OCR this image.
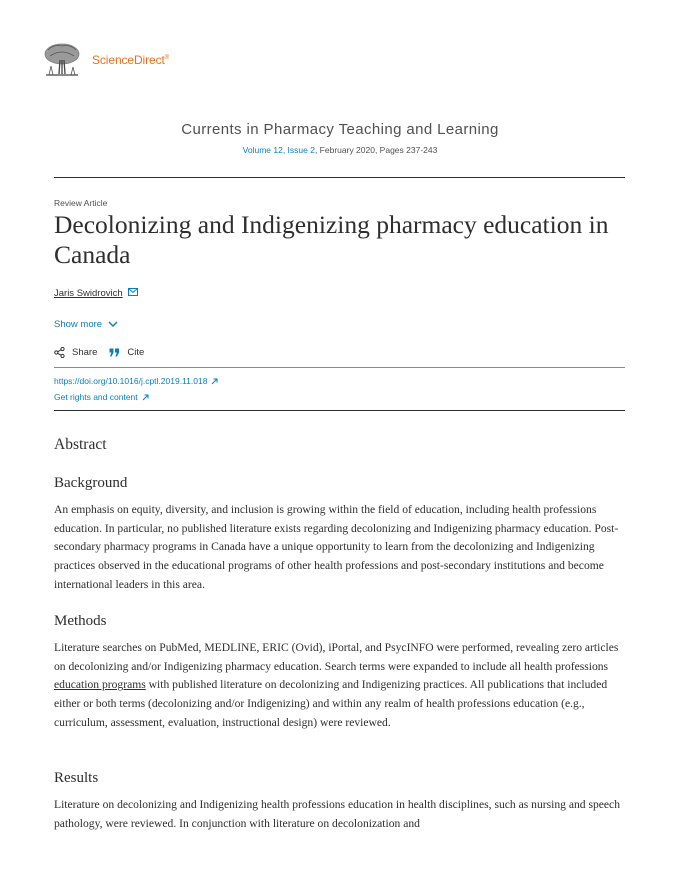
ScienceDirect®
Currents in Pharmacy Teaching and Learning
Volume 12, Issue 2, February 2020, Pages 237-243
Review Article
Decolonizing and Indigenizing pharmacy education in Canada
Jaris Swidrovich
Show more
Share	Cite
https://doi.org/10.1016/j.cptl.2019.11.018
Get rights and content
Abstract
Background

An emphasis on equity, diversity, and inclusion is growing within the field of education, including health professions education. In particular, no published literature exists regarding decolonizing and Indigenizing pharmacy education. Post-secondary pharmacy programs in Canada have a unique opportunity to learn from the decolonizing and Indigenizing practices observed in the educational programs of other health professions and post-secondary institutions and become international leaders in this area.

Methods

Literature searches on PubMed, MEDLINE, ERIC (Ovid), iPortal, and PsycINFO were performed, revealing zero articles on decolonizing and/or Indigenizing pharmacy education. Search terms were expanded to include all health professions education programs with published literature on decolonizing and Indigenizing practices. All publications that included either or both terms (decolonizing and/or Indigenizing) and within any realm of health professions education (e.g., curriculum, assessment, evaluation, instructional design) were reviewed.

Results

Literature on decolonizing and Indigenizing health professions education in health disciplines, such as nursing and speech pathology, were reviewed. In conjunction with literature on decolonization and
